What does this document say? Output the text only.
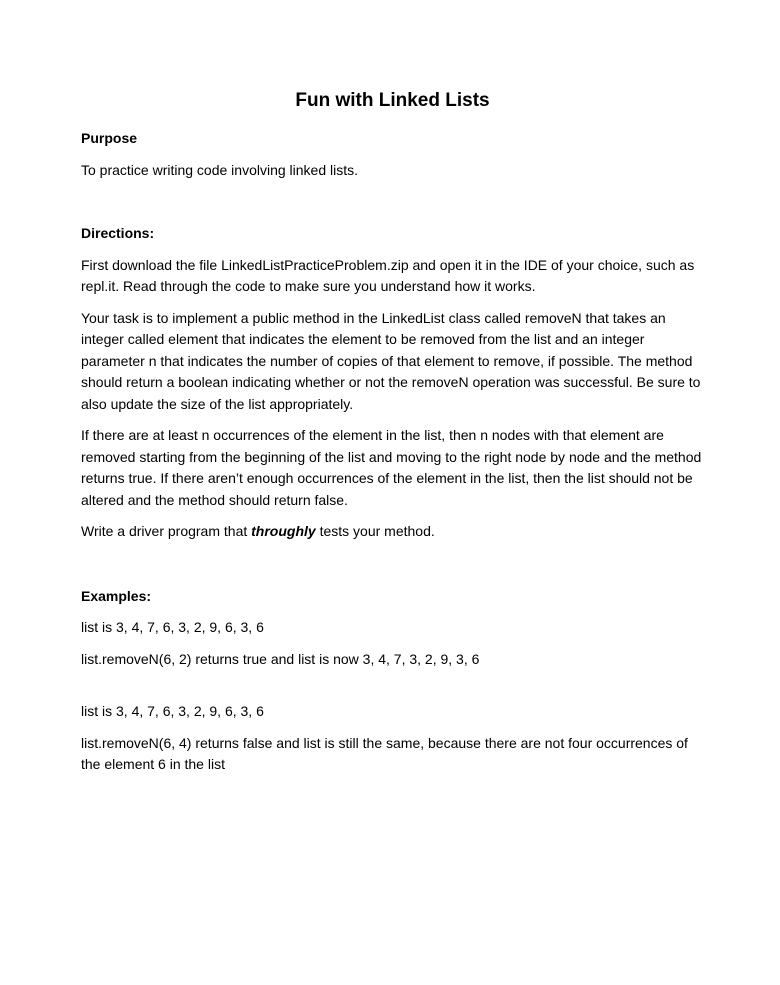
Fun with Linked Lists

Purpose

To practice writing code involving linked lists.

Directions:

First download the file LinkedListPracticeProblem.zip and open it in the IDE of your choice, such as repl.it. Read through the code to make sure you understand how it works.

Your task is to implement a public method in the LinkedList class called removeN that takes an integer called element that indicates the element to be removed from the list and an integer parameter n that indicates the number of copies of that element to remove, if possible. The method should return a boolean indicating whether or not the removeN operation was successful. Be sure to also update the size of the list appropriately.

If there are at least n occurrences of the element in the list, then n nodes with that element are removed starting from the beginning of the list and moving to the right node by node and the method returns true. If there aren’t enough occurrences of the element in the list, then the list should not be altered and the method should return false.

Write a driver program that throughly tests your method.

Examples:

list is 3, 4, 7, 6, 3, 2, 9, 6, 3, 6

list.removeN(6, 2) returns true and list is now 3, 4, 7, 3, 2, 9, 3, 6

list is 3, 4, 7, 6, 3, 2, 9, 6, 3, 6

list.removeN(6, 4) returns false and list is still the same, because there are not four occurrences of the element 6 in the list
